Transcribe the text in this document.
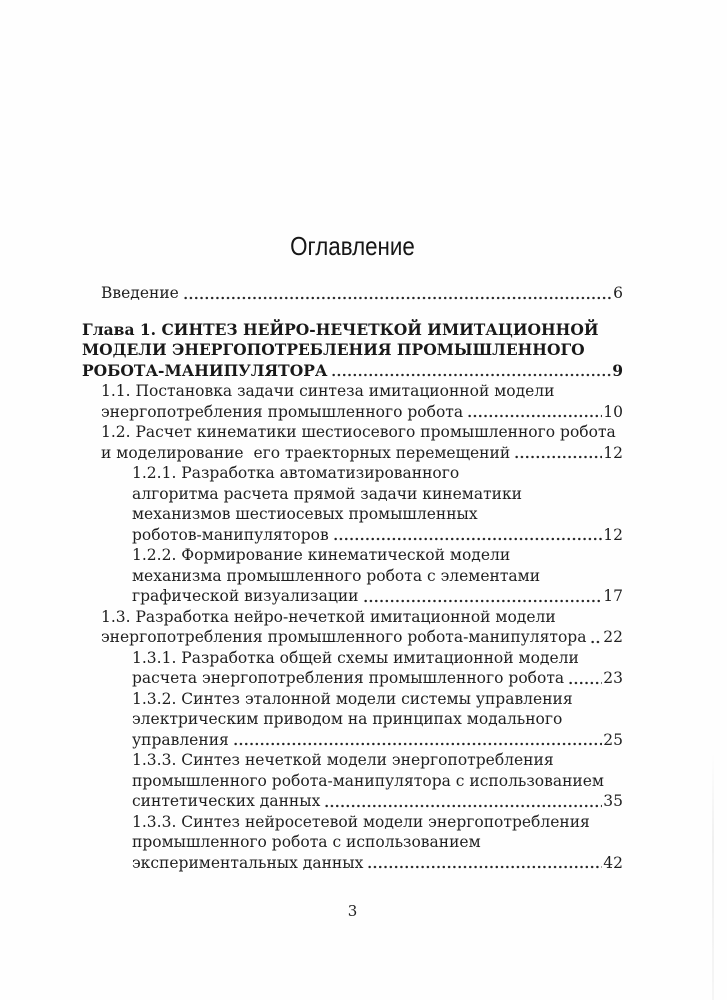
Оглавление
Введение	6
Глава 1. СИНТЕЗ НЕЙРО-НЕЧЕТКОЙ ИМИТАЦИОННОЙ
МОДЕЛИ ЭНЕРГОПОТРЕБЛЕНИЯ ПРОМЫШЛЕННОГО
РОБОТА-МАНИПУЛЯТОРА	9
1.1. Постановка задачи синтеза имитационной модели
энергопотребления промышленного робота	10
1.2. Расчет кинематики шестиосевого промышленного робота
и моделирование  его траекторных перемещений	12
1.2.1. Разработка автоматизированного
алгоритма расчета прямой задачи кинематики
механизмов шестиосевых промышленных
роботов-манипуляторов	12
1.2.2. Формирование кинематической модели
механизма промышленного робота с элементами
графической визуализации	17
1.3. Разработка нейро-нечеткой имитационной модели
энергопотребления промышленного робота-манипулятора 22
1.3.1. Разработка общей схемы имитационной модели
расчета энергопотребления промышленного робота	23
1.3.2. Синтез эталонной модели системы управления
электрическим приводом на принципах модального
управления	25
1.3.3. Синтез нечеткой модели энергопотребления
промышленного робота-манипулятора с использованием
синтетических данных	35
1.3.3. Синтез нейросетевой модели энергопотребления
промышленного робота с использованием
экспериментальных данных	42
3
